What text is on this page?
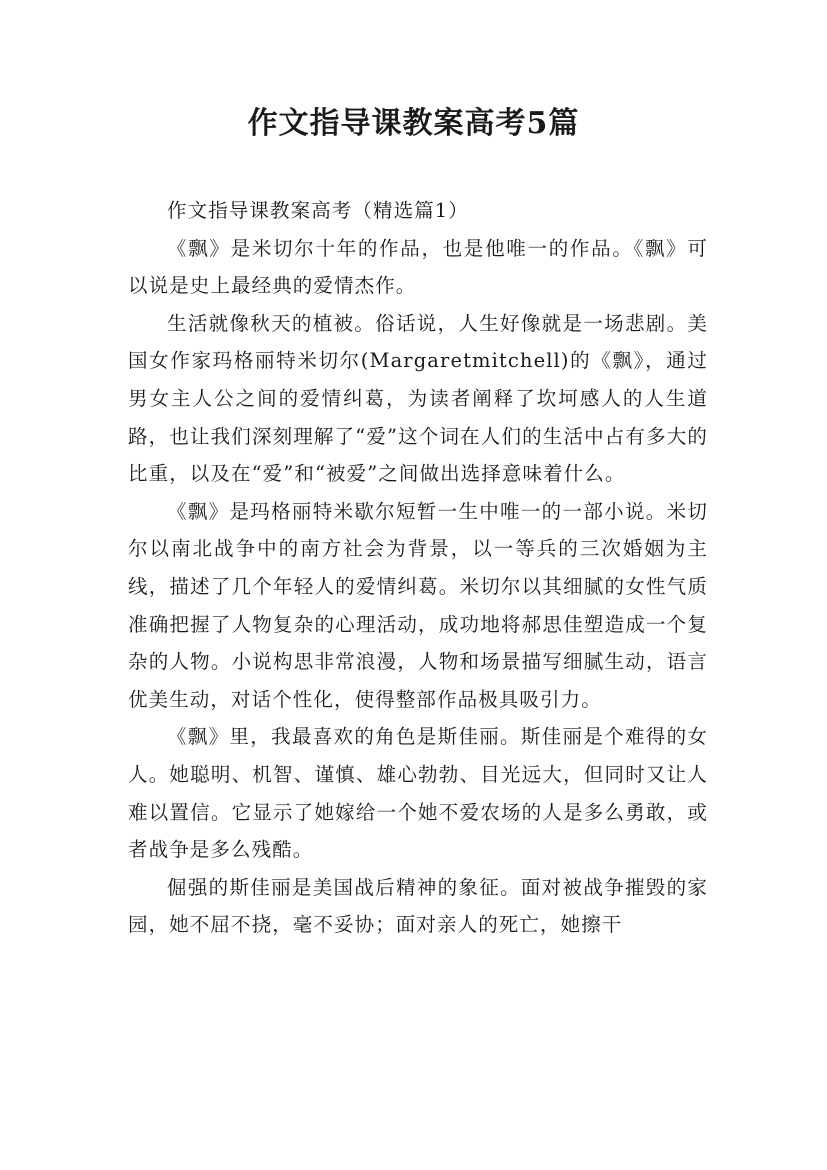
作文指导课教案高考5篇

作文指导课教案高考（精选篇1）

《飘》是米切尔十年的作品，也是他唯一的作品。《飘》可以说是史上最经典的爱情杰作。

生活就像秋天的植被。俗话说，人生好像就是一场悲剧。美国女作家玛格丽特米切尔(Margaretmitchell)的《飘》，通过男女主人公之间的爱情纠葛，为读者阐释了坎坷感人的人生道路，也让我们深刻理解了“爱”这个词在人们的生活中占有多大的比重，以及在“爱”和“被爱”之间做出选择意味着什么。

《飘》是玛格丽特米歇尔短暂一生中唯一的一部小说。米切尔以南北战争中的南方社会为背景，以一等兵的三次婚姻为主线，描述了几个年轻人的爱情纠葛。米切尔以其细腻的女性气质准确把握了人物复杂的心理活动，成功地将郝思佳塑造成一个复杂的人物。小说构思非常浪漫，人物和场景描写细腻生动，语言优美生动，对话个性化，使得整部作品极具吸引力。

《飘》里，我最喜欢的角色是斯佳丽。斯佳丽是个难得的女人。她聪明、机智、谨慎、雄心勃勃、目光远大，但同时又让人难以置信。它显示了她嫁给一个她不爱农场的人是多么勇敢，或者战争是多么残酷。

倔强的斯佳丽是美国战后精神的象征。面对被战争摧毁的家园，她不屈不挠，毫不妥协；面对亲人的死亡，她擦干
